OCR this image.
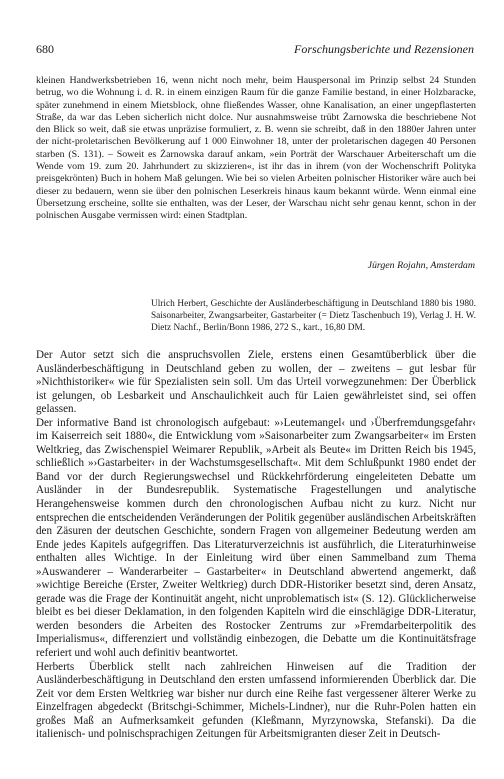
680	Forschungsberichte und Rezensionen

kleinen Handwerksbetrieben 16, wenn nicht noch mehr, beim Hauspersonal im Prinzip selbst 24 Stunden betrug, wo die Wohnung i. d. R. in einem einzigen Raum für die ganze Familie bestand, in einer Holzbaracke, später zunehmend in einem Mietsblock, ohne fließendes Wasser, ohne Kanalisation, an einer ungepflasterten Straße, da war das Leben sicherlich nicht dolce. Nur ausnahmsweise trübt Żarnowska die beschriebene Not den Blick so weit, daß sie etwas unpräzise formuliert, z. B. wenn sie schreibt, daß in den 1880er Jahren unter der nicht-proletarischen Bevölkerung auf 1 000 Einwohner 18, unter der proletarischen dagegen 40 Personen starben (S. 131). – Soweit es Żarnowska darauf ankam, »ein Porträt der Warschauer Arbeiterschaft um die Wende vom 19. zum 20. Jahrhundert zu skizzieren«, ist ihr das in ihrem (von der Wochenschrift Polityka preisgekrönten) Buch in hohem Maß gelungen. Wie bei so vielen Arbeiten polnischer Historiker wäre auch bei dieser zu bedauern, wenn sie über den polnischen Leserkreis hinaus kaum bekannt würde. Wenn einmal eine Übersetzung erscheine, sollte sie enthalten, was der Leser, der Warschau nicht sehr genau kennt, schon in der polnischen Ausgabe vermissen wird: einen Stadtplan.

Jürgen Rojahn, Amsterdam
Ulrich Herbert, Geschichte der Ausländerbeschäftigung in Deutschland 1880 bis 1980. Saisonarbeiter, Zwangsarbeiter, Gastarbeiter (= Dietz Taschenbuch 19), Verlag J. H. W. Dietz Nachf., Berlin/Bonn 1986, 272 S., kart., 16,80 DM.

Der Autor setzt sich die anspruchsvollen Ziele, erstens einen Gesamtüberblick über die Ausländerbeschäftigung in Deutschland geben zu wollen, der – zweitens – gut lesbar für »Nichthistoriker« wie für Spezialisten sein soll. Um das Urteil vorwegzunehmen: Der Überblick ist gelungen, ob Lesbarkeit und Anschaulichkeit auch für Laien gewährleistet sind, sei offen gelassen.

Der informative Band ist chronologisch aufgebaut: »›Leutemangel‹ und ›Überfremdungsgefahr‹ im Kaiserreich seit 1880«, die Entwicklung vom »Saisonarbeiter zum Zwangsarbeiter« im Ersten Weltkrieg, das Zwischenspiel Weimarer Republik, »Arbeit als Beute« im Dritten Reich bis 1945, schließlich »›Gastarbeiter‹ in der Wachstumsgesellschaft«. Mit dem Schlußpunkt 1980 endet der Band vor der durch Regierungswechsel und Rückkehrförderung eingeleiteten Debatte um Ausländer in der Bundesrepublik. Systematische Fragestellungen und analytische Herangehensweise kommen durch den chronologischen Aufbau nicht zu kurz. Nicht nur entsprechen die entscheidenden Veränderungen der Politik gegenüber ausländischen Arbeitskräften den Zäsuren der deutschen Geschichte, sondern Fragen von allgemeiner Bedeutung werden am Ende jedes Kapitels aufgegriffen. Das Literaturverzeichnis ist ausführlich, die Literaturhinweise enthalten alles Wichtige. In der Einleitung wird über einen Sammelband zum Thema »Auswanderer – Wanderarbeiter – Gastarbeiter« in Deutschland abwertend angemerkt, daß »wichtige Bereiche (Erster, Zweiter Weltkrieg) durch DDR-Historiker besetzt sind, deren Ansatz, gerade was die Frage der Kontinuität angeht, nicht unproblematisch ist« (S. 12). Glücklicherweise bleibt es bei dieser Deklamation, in den folgenden Kapiteln wird die einschlägige DDR-Literatur, werden besonders die Arbeiten des Rostocker Zentrums zur »Fremdarbeiterpolitik des Imperialismus«, differenziert und vollständig einbezogen, die Debatte um die Kontinuitätsfrage referiert und wohl auch definitiv beantwortet.

Herberts Überblick stellt nach zahlreichen Hinweisen auf die Tradition der Ausländerbeschäftigung in Deutschland den ersten umfassend informierenden Überblick dar. Die Zeit vor dem Ersten Weltkrieg war bisher nur durch eine Reihe fast vergessener älterer Werke zu Einzelfragen abgedeckt (Britschgi-Schimmer, Michels-Lindner), nur die Ruhr-Polen hatten ein großes Maß an Aufmerksamkeit gefunden (Kleßmann, Myrzynowska, Stefanski). Da die italienisch- und polnischsprachigen Zeitungen für Arbeitsmigranten dieser Zeit in Deutsch-
